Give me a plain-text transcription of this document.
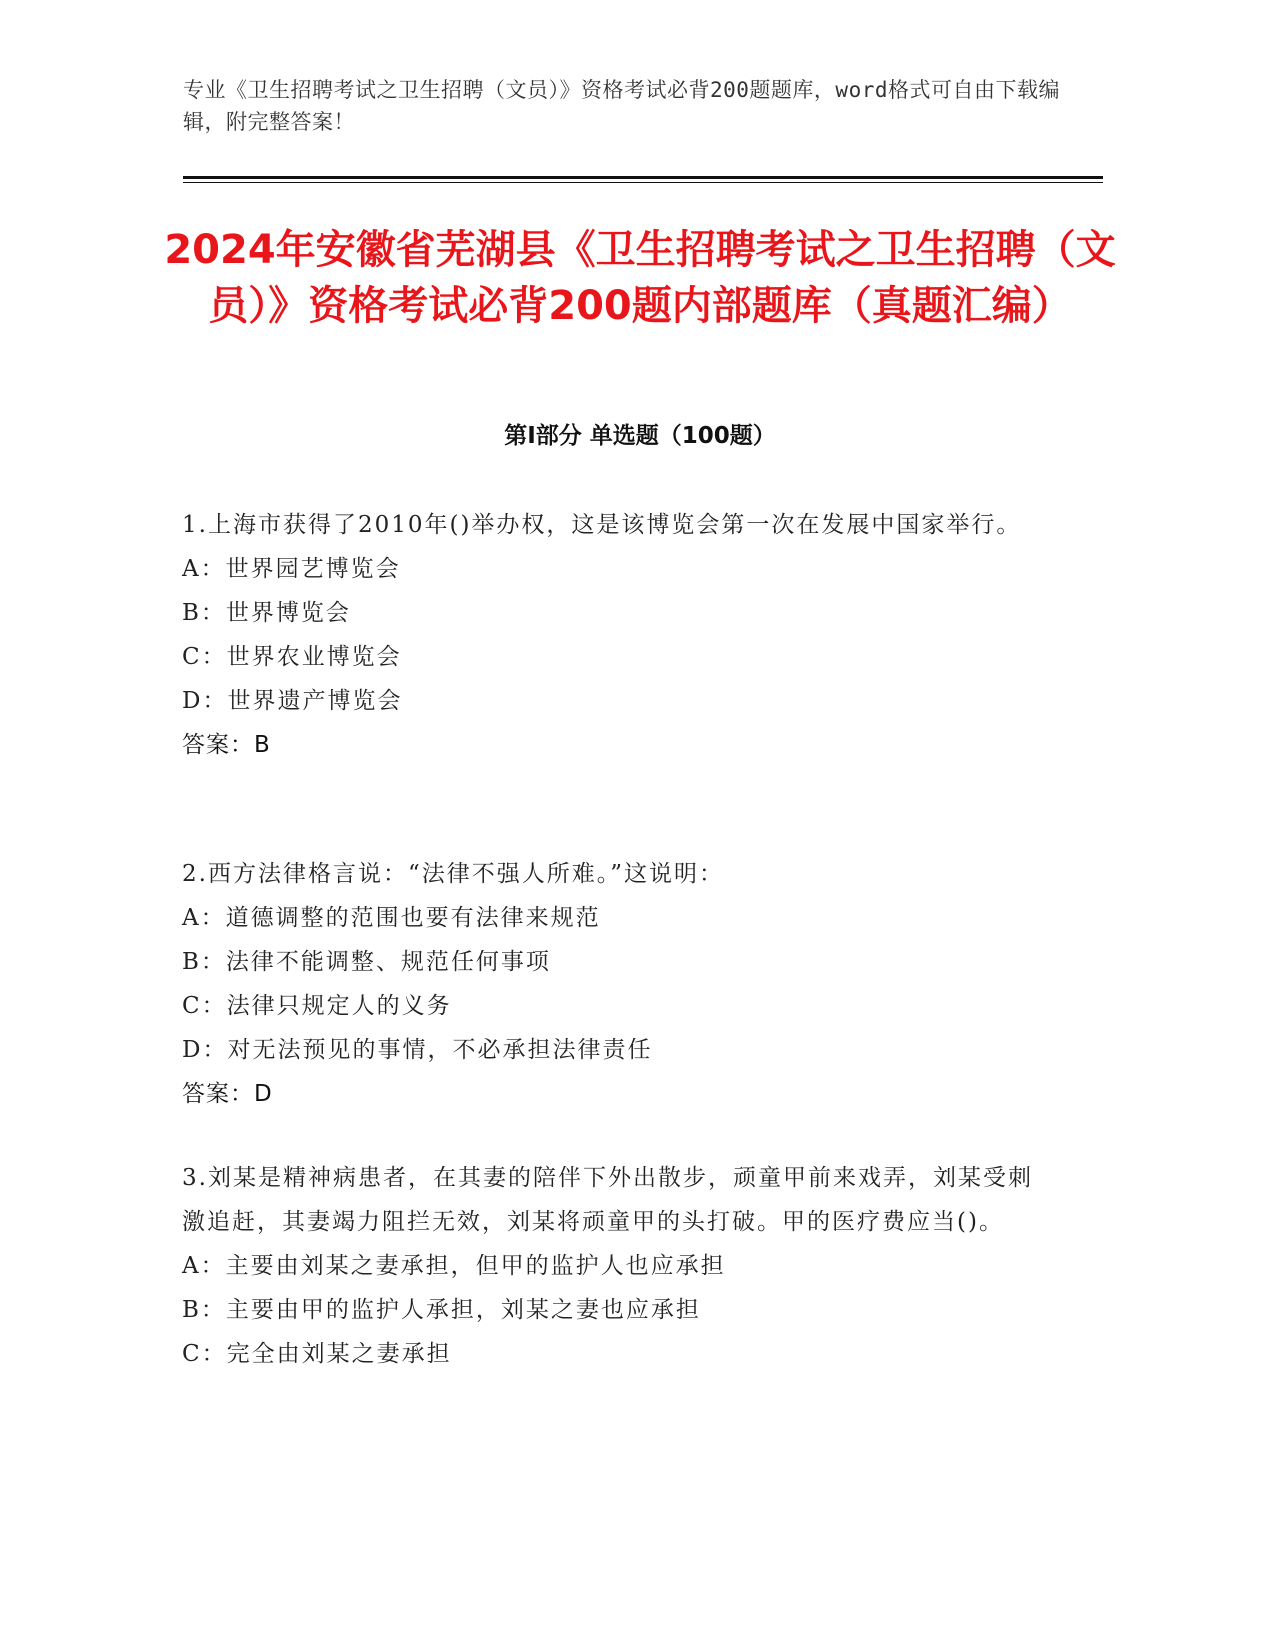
专业《卫生招聘考试之卫生招聘（文员）》资格考试必背200题题库，word格式可自由下载编辑，附完整答案！
2024年安徽省芜湖县《卫生招聘考试之卫生招聘（文员）》资格考试必背200题内部题库（真题汇编）
第I部分 单选题（100题）

1.上海市获得了2010年()举办权，这是该博览会第一次在发展中国家举行。

A：世界园艺博览会

B：世界博览会

C：世界农业博览会

D：世界遗产博览会

答案：B

2.西方法律格言说：“法律不强人所难。”这说明：

A：道德调整的范围也要有法律来规范

B：法律不能调整、规范任何事项

C：法律只规定人的义务

D：对无法预见的事情，不必承担法律责任

答案：D

3.刘某是精神病患者，在其妻的陪伴下外出散步，顽童甲前来戏弄，刘某受刺激追赶，其妻竭力阻拦无效，刘某将顽童甲的头打破。甲的医疗费应当()。

A：主要由刘某之妻承担，但甲的监护人也应承担

B：主要由甲的监护人承担，刘某之妻也应承担

C：完全由刘某之妻承担
